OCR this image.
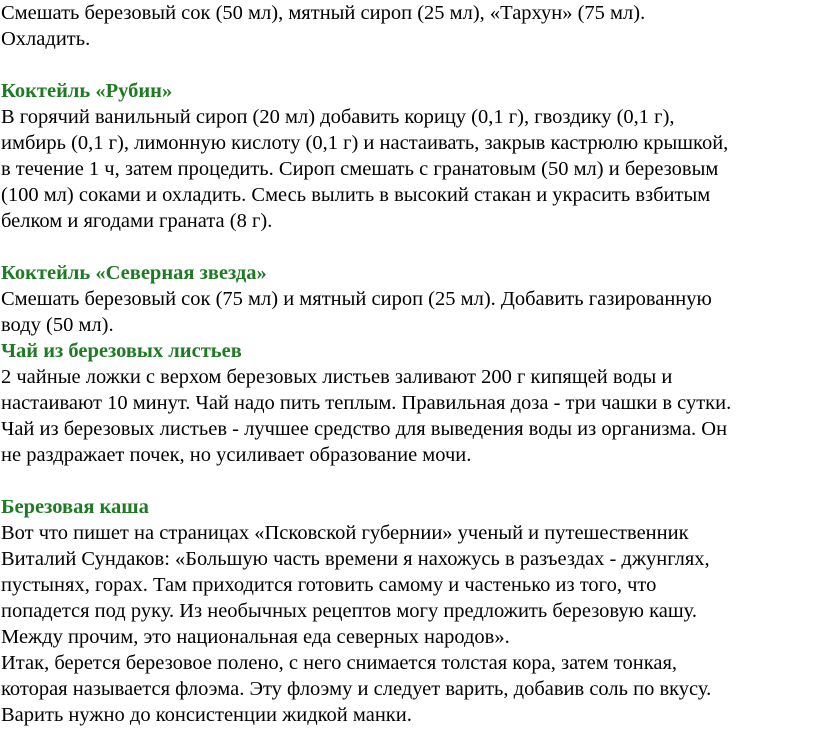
Смешать березовый сок (50 мл), мятный сироп (25 мл), «Тархун» (75 мл).
Охладить.
Коктейль «Рубин»
В горячий ванильный сироп (20 мл) добавить корицу (0,1 г), гвоздику (0,1 г),
имбирь (0,1 г), лимонную кислоту (0,1 г) и настаивать, закрыв кастрюлю крышкой,
в течение 1 ч, затем процедить. Сироп смешать с гранатовым (50 мл) и березовым
(100 мл) соками и охладить. Смесь вылить в высокий стакан и украсить взбитым
белком и ягодами граната (8 г).
Коктейль «Северная звезда»
Смешать березовый сок (75 мл) и мятный сироп (25 мл). Добавить газированную
воду (50 мл).
Чай из березовых листьев
2 чайные ложки с верхом березовых листьев заливают 200 г кипящей воды и
настаивают 10 минут. Чай надо пить теплым. Правильная доза - три чашки в сутки.
Чай из березовых листьев - лучшее средство для выведения воды из организма. Он
не раздражает почек, но усиливает образование мочи.
Березовая каша
Вот что пишет на страницах «Псковской губернии» ученый и путешественник
Виталий Сундаков: «Большую часть времени я нахожусь в разъездах - джунглях,
пустынях, горах. Там приходится готовить самому и частенько из того, что
попадется под руку. Из необычных рецептов могу предложить березовую кашу.
Между прочим, это национальная еда северных народов».
Итак, берется березовое полено, с него снимается толстая кора, затем тонкая,
которая называется флоэма. Эту флоэму и следует варить, добавив соль по вкусу.
Варить нужно до консистенции жидкой манки.
